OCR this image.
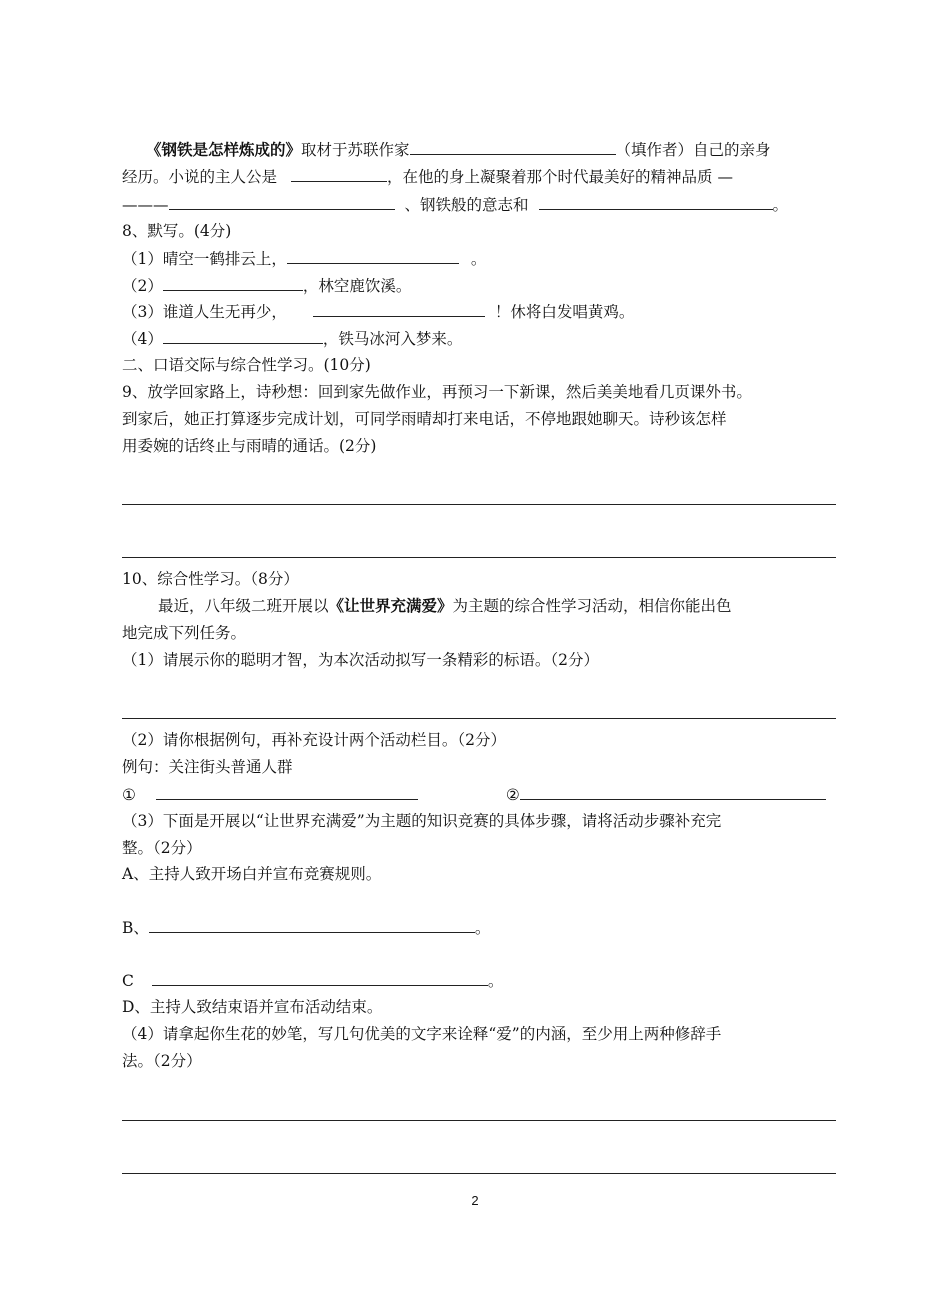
《钢铁是怎样炼成的》取材于苏联作家	（填作者）自己的亲身
经历。小说的主人公是	，在他的身上凝聚着那个时代最美好的精神品质 —
———	、钢铁般的意志和	。
8、默写。(4分)
（1）晴空一鹤排云上，	。
（2）	，林空鹿饮溪。
（3）谁道人生无再少，	！休将白发唱黄鸡。
（4）	，铁马冰河入梦来。
二、口语交际与综合性学习。(10分)
9、放学回家路上，诗秒想：回到家先做作业，再预习一下新课，然后美美地看几页课外书。
到家后，她正打算逐步完成计划，可同学雨晴却打来电话，不停地跟她聊天。诗秒该怎样
用委婉的话终止与雨晴的通话。(2分)
10、综合性学习。（8分）
最近，八年级二班开展以《让世界充满爱》为主题的综合性学习活动，相信你能出色
地完成下列任务。
（1）请展示你的聪明才智，为本次活动拟写一条精彩的标语。（2分）
（2）请你根据例句，再补充设计两个活动栏目。（2分）
例句：关注街头普通人群
①	②
（3）下面是开展以“让世界充满爱”为主题的知识竞赛的具体步骤，请将活动步骤补充完
整。（2分）
A、主持人致开场白并宣布竞赛规则。
B、	。
C	。
D、主持人致结束语并宣布活动结束。
（4）请拿起你生花的妙笔，写几句优美的文字来诠释“爱”的内涵，至少用上两种修辞手
法。（2分）
2
